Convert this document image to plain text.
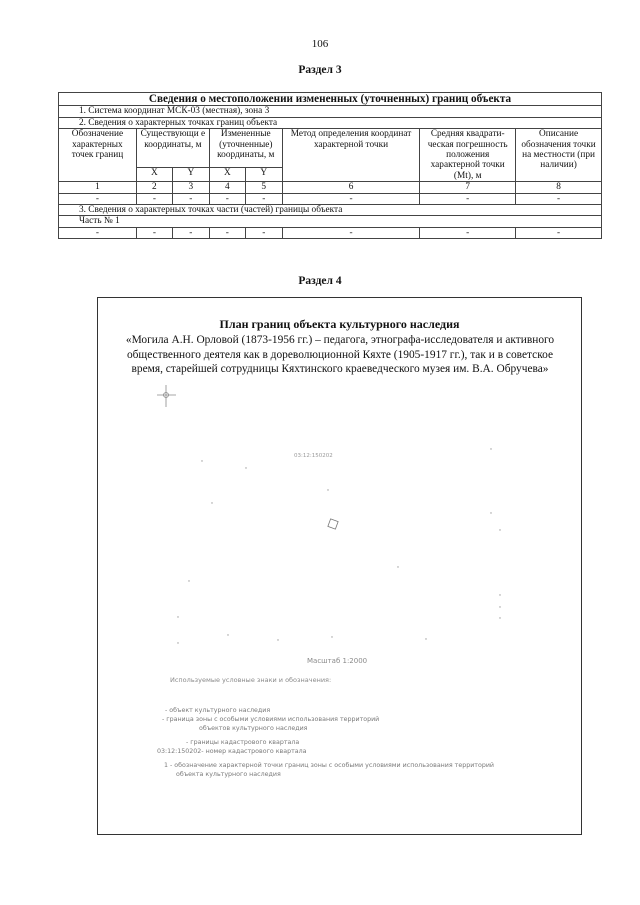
106
Раздел 3
Сведения о местоположении измененных (уточненных) границ объекта							
1. Система координат МСК-03 (местная), зона 3							
2. Сведения о характерных точках границ объекта							
Обозначение характерных точек границ	Существующи е координаты, м		Измененные (уточненные) координаты, м		Метод определения координат характерной точки	Средняя квадрати-ческая погрешность положения характерной точки (Mt), м	Описание обозначения точки на местности (при наличии)
	X	Y	X	Y			
1	2	3	4	5	6	7	8
-	-	-	-	-	-	-	-
3. Сведения о характерных точках части (частей) границы объекта							
Часть № 1							
-	-	-	-	-	-	-	-
Раздел 4
План границ объекта культурного наследия
«Могила А.Н. Орловой (1873-1956 гг.) – педагога, этнографа-исследователя и активного общественного деятеля как в дореволюционной Кяхте (1905-1917 гг.), так и в советское время, старейшей сотрудницы Кяхтинского краеведческого музея им. В.А. Обручева»
03:12:150202
Масштаб 1:2000
Используемые условные знаки и обозначения:
- объект культурного наследия
- граница зоны с особыми условиями использования территорий
объектов культурного наследия
- границы кадастрового квартала
03:12:150202- номер кадастрового квартала
1 - обозначение характерной точки границ зоны с особыми условиями использования территорий
объекта культурного наследия
